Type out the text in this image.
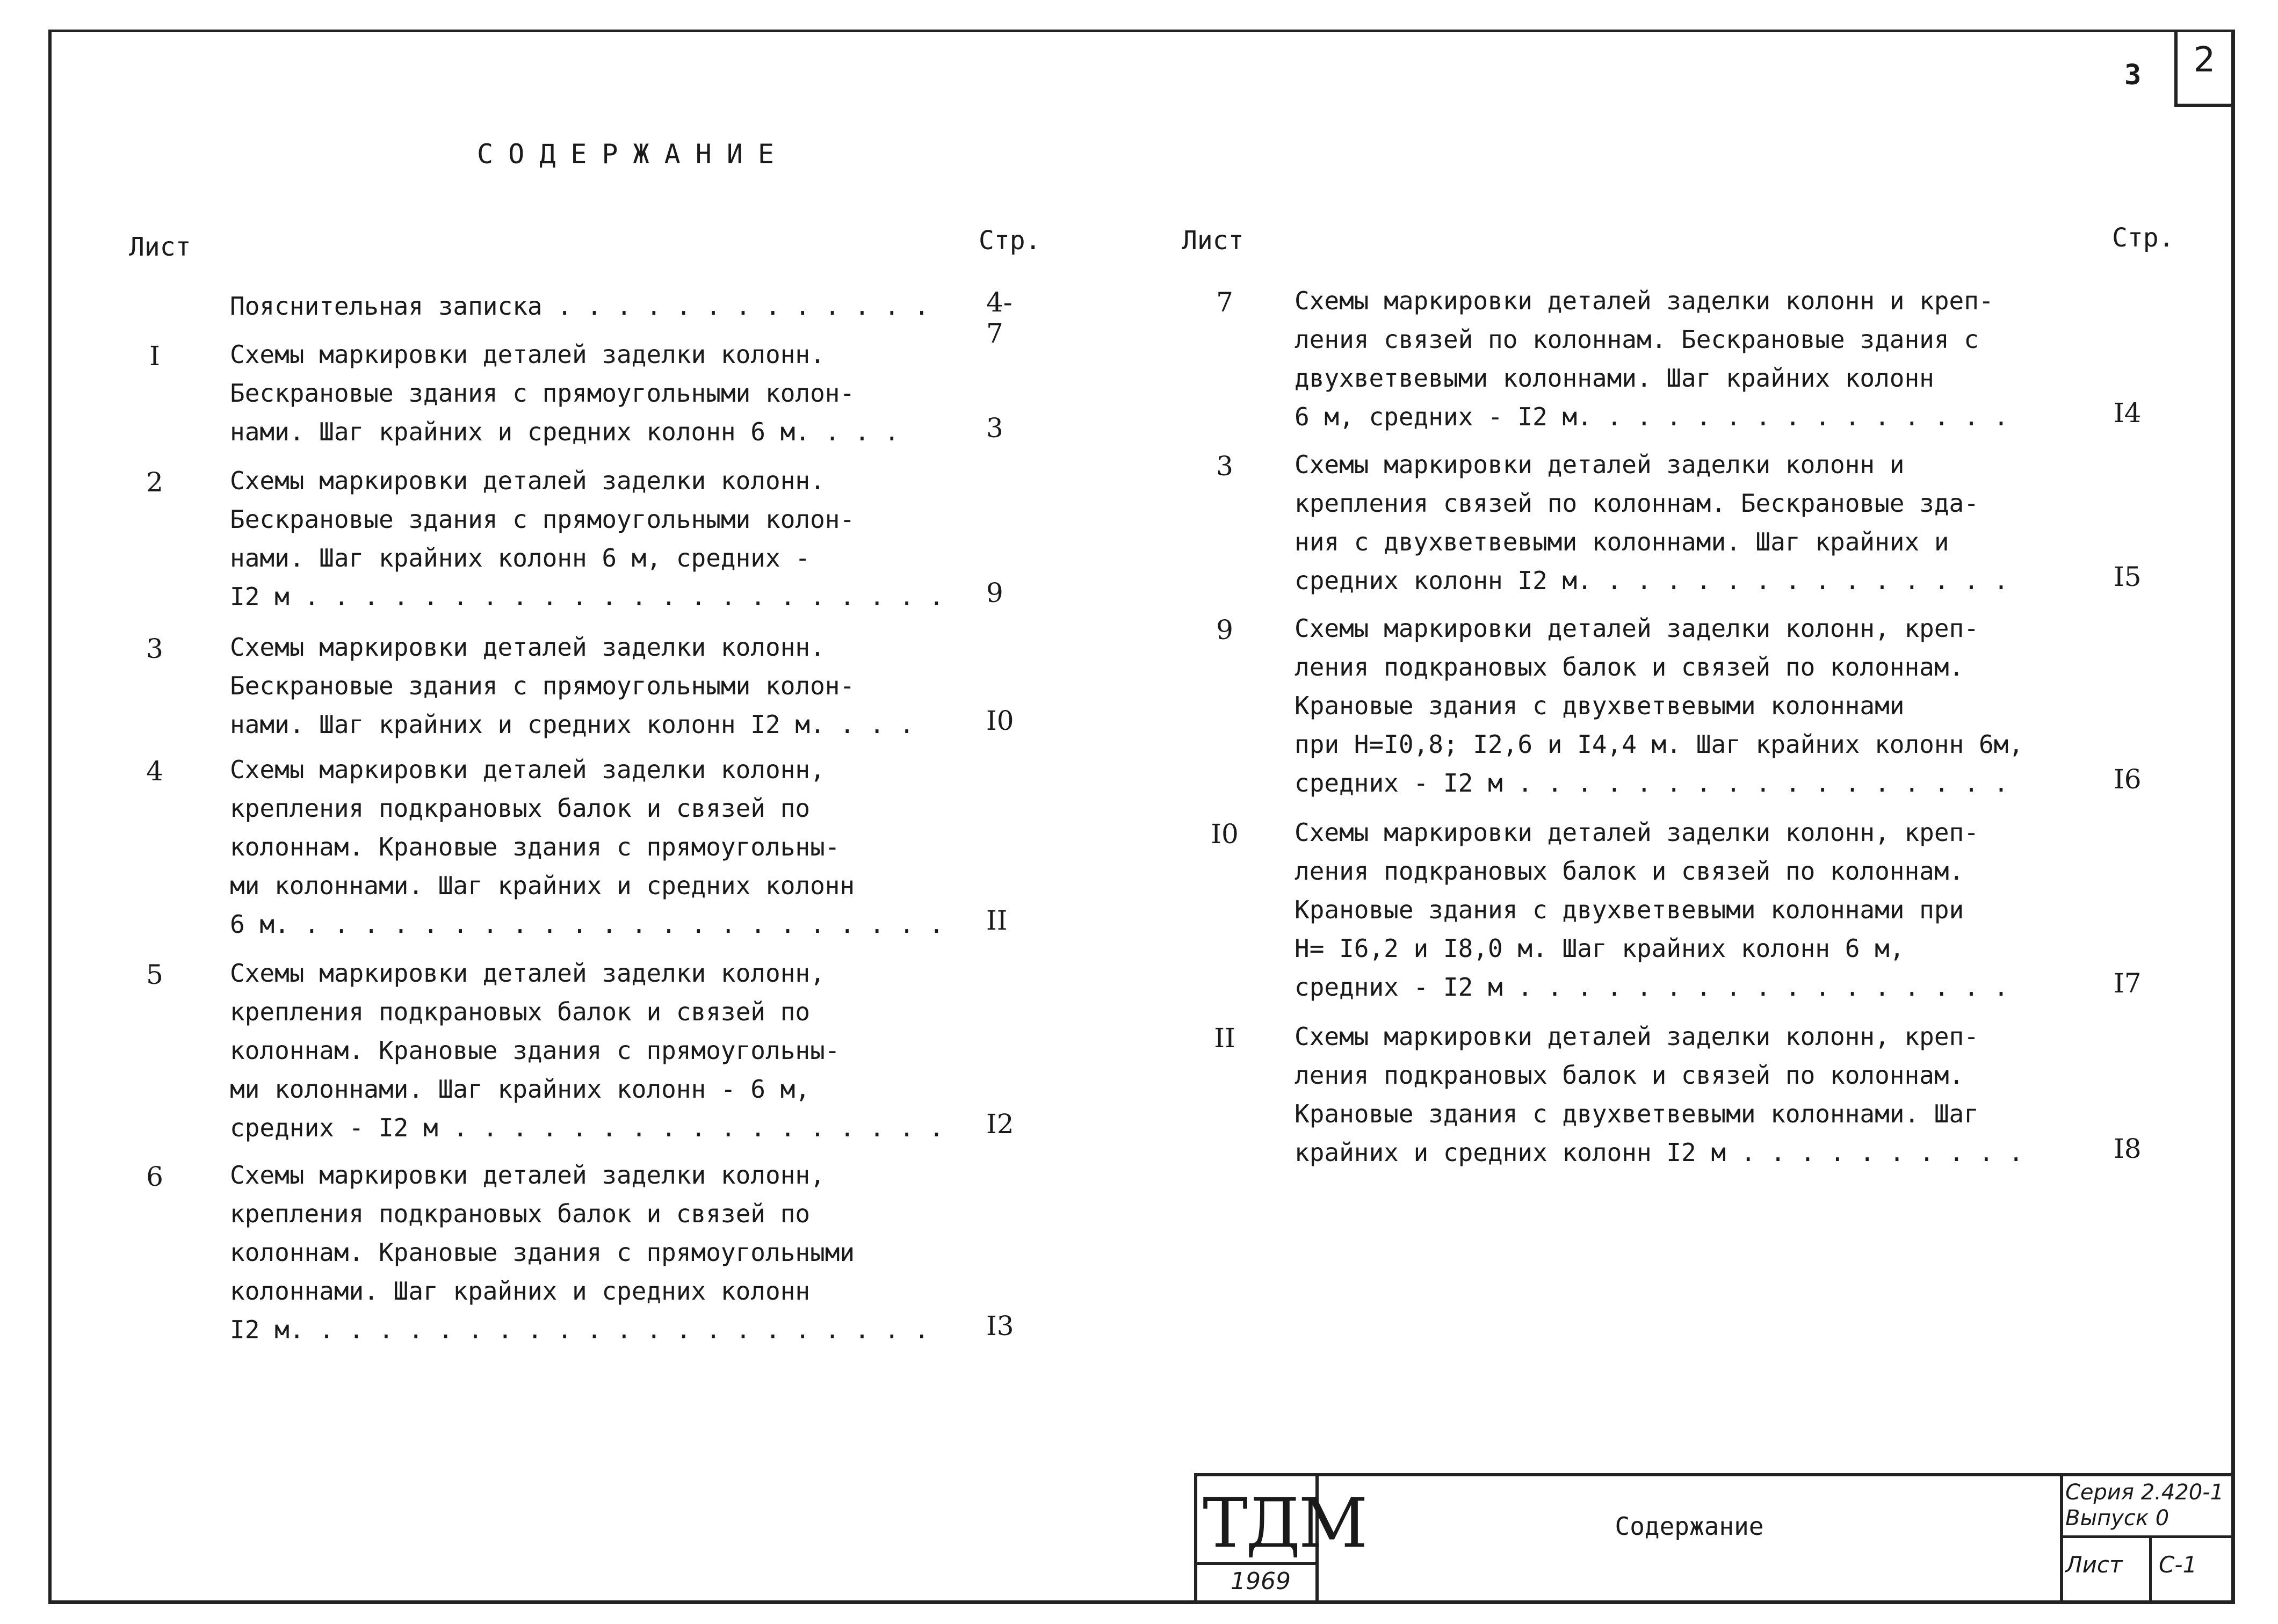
2
3
СОДЕРЖАНИЕ
Лист	Стр.	Лист	Стр.
Пояснительная записка . . . . . . . . . . . . . 4-7
I	Схемы маркировки деталей заделки колонн.
Бескрановые здания с прямоугольными колон-
нами. Шаг крайних и средних колонн 6 м. . . .	3
2	Схемы маркировки деталей заделки колонн.
Бескрановые здания с прямоугольными колон-
нами. Шаг крайних колонн 6 м, средних -
I2 м . . . . . . . . . . . . . . . . . . . . . . 9
3	Схемы маркировки деталей заделки колонн.
Бескрановые здания с прямоугольными колон-
нами. Шаг крайних и средних колонн I2 м. . . .	I0
4	Схемы маркировки деталей заделки колонн,
крепления подкрановых балок и связей по
колоннам. Крановые здания с прямоугольны-
ми колоннами. Шаг крайних и средних колонн
6 м. . . . . . . . . . . . . . . . . . . . . . . II
5	Схемы маркировки деталей заделки колонн,
крепления подкрановых балок и связей по
колоннам. Крановые здания с прямоугольны-
ми колоннами. Шаг крайних колонн - 6 м,
средних - I2 м . . . . . . . . . . . . . . . . . I2
6	Схемы маркировки деталей заделки колонн,
крепления подкрановых балок и связей по
колоннам. Крановые здания с прямоугольными
колоннами. Шаг крайних и средних колонн
I2 м. . . . . . . . . . . . . . . . . . . . . . I3
7	Схемы маркировки деталей заделки колонн и креп-
ления связей по колоннам. Бескрановые здания с
двухветвевыми колоннами. Шаг крайних колонн
6 м, средних - I2 м. . . . . . . . . . . . . . .	I4
3	Схемы маркировки деталей заделки колонн и
крепления связей по колоннам. Бескрановые зда-
ния с двухветвевыми колоннами. Шаг крайних и
средних колонн I2 м. . . . . . . . . . . . . . .	I5
9	Схемы маркировки деталей заделки колонн, креп-
ления подкрановых балок и связей по колоннам.
Крановые здания с двухветвевыми колоннами
при Н=I0,8; I2,6 и I4,4 м. Шаг крайних колонн 6м,
средних - I2 м . . . . . . . . . . . . . . . . .	I6
I0	Схемы маркировки деталей заделки колонн, креп-
ления подкрановых балок и связей по колоннам.
Крановые здания с двухветвевыми колоннами при
Н= I6,2 и I8,0 м. Шаг крайних колонн 6 м,
средних - I2 м . . . . . . . . . . . . . . . . .	I7
II	Схемы маркировки деталей заделки колонн, креп-
ления подкрановых балок и связей по колоннам.
Крановые здания с двухветвевыми колоннами. Шаг
крайних и средних колонн I2 м . . . . . . . . . .	I8
ТДМ
1969
Содержание
Серия 2.420-1
Выпуск 0
Лист С-1
